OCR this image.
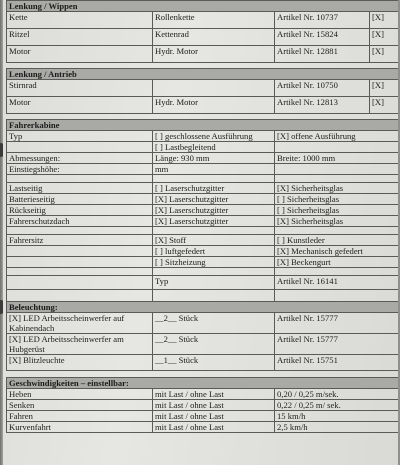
Lenkung / Wippen			
Kette	Rollenkette	Artikel Nr. 10737	[X]
Ritzel	Kettenrad	Artikel Nr. 15824	[X]
Motor	Hydr. Motor	Artikel Nr. 12881	[X]

Lenkung / Antrieb			
Stirnrad		Artikel Nr. 10750	[X]
Motor	Hydr. Motor	Artikel Nr. 12813	[X]

Fahrerkabine			
Typ	[ ] geschlossene Ausführung	[X] offene Ausführung	
	[ ] Lastbegleitend		
Abmessungen:	Länge: 930 mm	Breite: 1000 mm	
Einstiegshöhe:	mm		

Lastseitig	[ ] Laserschutzgitter	[X] Sicherheitsglas	
Batterieseitig	[X] Laserschutzgitter	[ ] Sicherheitsglas	
Rückseitig	[X] Laserschutzgitter	[ ] Sicherheitsglas	
Fahrerschutzdach	[X] Laserschutzgitter	[X] Sicherheitsglas	

Fahrersitz	[X] Stoff	[ ] Kunstleder	
	[ ] luftgefedert	[X] Mechanisch gefedert	
	[ ] Sitzheizung	[X] Beckengurt	

	Typ	Artikel Nr. 16141	

Beleuchtung:			
[X] LED Arbeitsscheinwerfer auf Kabinendach	__2__ Stück	Artikel Nr. 15777	
[X] LED Arbeitsscheinwerfer am Hubgerüst	__2__ Stück	Artikel Nr. 15777	
[X] Blitzleuchte	__1__ Stück	Artikel Nr. 15751	

Geschwindigkeiten – einstellbar:			
Heben	mit Last / ohne Last	0,20 / 0,25 m/sek.	
Senken	mit Last / ohne Last	0,22 / 0,25 m/ sek.	
Fahren	mit Last / ohne Last	15 km/h	
Kurvenfahrt	mit Last / ohne Last	2,5 km/h	
